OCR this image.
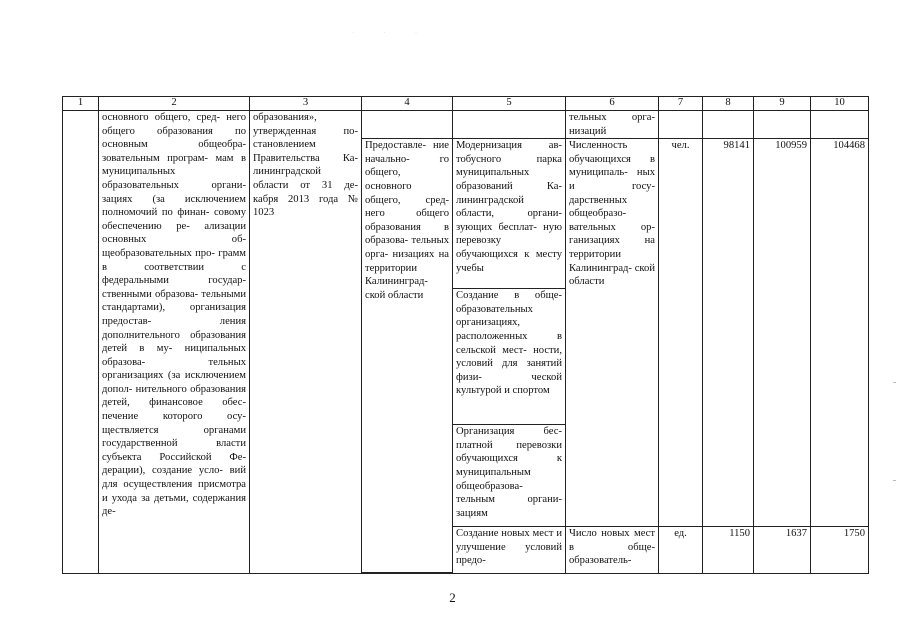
· · ·
1	2	3	4	5	6	7	8	9	10
	основного общего, сред- него общего образования по основным общеобра- зовательным програм- мам в муниципальных образовательных органи- зациях (за исключением полномочий по финан- совому обеспечению ре- ализации основных об- щеобразовательных про- грамм в соответствии с федеральными государ- ственными образова- тельными стандартами), организация предостав- ления дополнительного образования детей в му- ниципальных образова- тельных организациях (за исключением допол- нительного образования детей, финансовое обес- печение которого осу- ществляется органами государственной власти субъекта Российской Фе- дерации), создание усло- вий для осуществления присмотра и ухода за детьми, содержания де-	образования», утвержденная по- становлением Правительства Ка- лининградской области от 31 де- кабря 2013 года № 1023			тельных орга- низаций				
			Предоставле- ние начально- го общего, основного общего, сред- него общего образования в образова- тельных орга- низациях на территории Калининград- ской области	Модернизация ав- тобусного парка муниципальных образований Ка- лининградской области, органи- зующих бесплат- ную перевозку обучающихся к месту учебы	Численность обучающихся в муниципаль- ных и госу- дарственных общеобразо- вательных ор- ганизациях на территории Калининград- ской области	чел.	98141	100959	104468
				Создание в обще- образовательных организациях, расположенных в сельской мест- ности, условий для занятий физи- ческой культурой и спортом					
				Организация бес- платной перевозки обучающихся к муниципальным общеобразова- тельным органи- зациям					
				Создание новых мест и улучшение условий предо-	Число новых мест в обще- образователь-	ед.	1150	1637	1750

2
